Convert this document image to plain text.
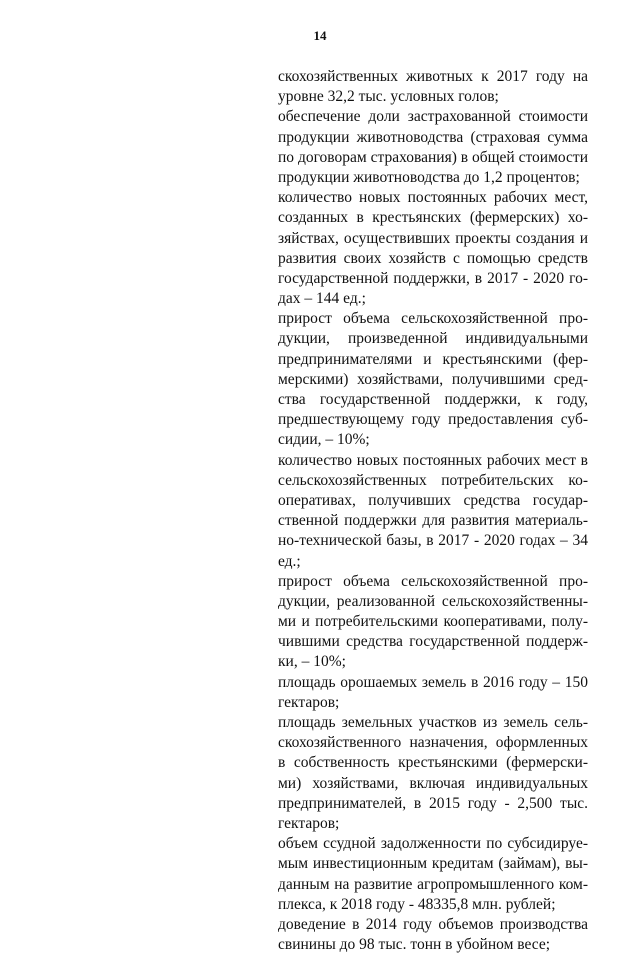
14
скохозяйственных животных к 2017 году на
уровне 32,2 тыс. условных голов;
обеспечение доли застрахованной стоимости
продукции животноводства (страховая сумма
по договорам страхования) в общей стоимости
продукции животноводства до 1,2 процентов;
количество новых постоянных рабочих мест,
созданных в крестьянских (фермерских) хо-
зяйствах, осуществивших проекты создания и
развития своих хозяйств с помощью средств
государственной поддержки, в 2017 - 2020 го-
дах – 144 ед.;
прирост объема сельскохозяйственной про-
дукции, произведенной индивидуальными
предпринимателями и крестьянскими (фер-
мерскими) хозяйствами, получившими сред-
ства государственной поддержки, к году,
предшествующему году предоставления суб-
сидии, – 10%;
количество новых постоянных рабочих мест в
сельскохозяйственных потребительских ко-
оперативах, получивших средства государ-
ственной поддержки для развития материаль-
но-технической базы, в 2017 - 2020 годах – 34
ед.;
прирост объема сельскохозяйственной про-
дукции, реализованной сельскохозяйственны-
ми и потребительскими кооперативами, полу-
чившими средства государственной поддерж-
ки, – 10%;
площадь орошаемых земель в 2016 году – 150
гектаров;
площадь земельных участков из земель сель-
скохозяйственного назначения, оформленных
в собственность крестьянскими (фермерски-
ми) хозяйствами, включая индивидуальных
предпринимателей, в 2015 году - 2,500 тыс.
гектаров;
объем ссудной задолженности по субсидируе-
мым инвестиционным кредитам (займам), вы-
данным на развитие агропромышленного ком-
плекса, к 2018 году - 48335,8 млн. рублей;
доведение в 2014 году объемов производства
свинины до 98 тыс. тонн в убойном весе;
